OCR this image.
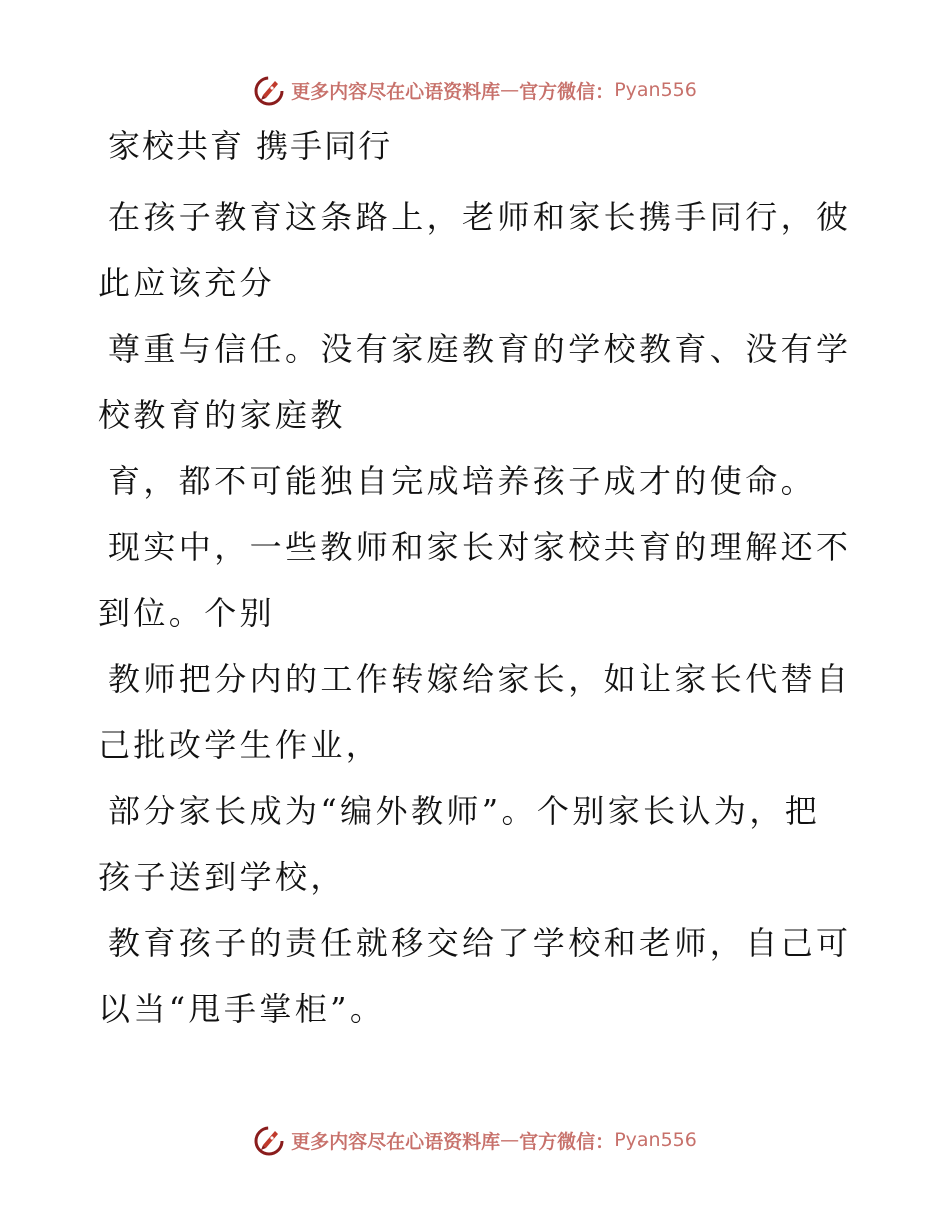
更多内容尽在心语资料库 — 官方微信： Pyan556
家校共育 携手同行

在孩子教育这条路上，老师和家长携手同行，彼
此应该充分

尊重与信任。没有家庭教育的学校教育、没有学
校教育的家庭教

育，都不可能独自完成培养孩子成才的使命。

现实中，一些教师和家长对家校共育的理解还不
到位。个别

教师把分内的工作转嫁给家长，如让家长代替自
己批改学生作业，

部分家长成为“编外教师”。个别家长认为，把
孩子送到学校，

教育孩子的责任就移交给了学校和老师，自己可
以当“甩手掌柜”。

更多内容尽在心语资料库 — 官方微信： Pyan556
